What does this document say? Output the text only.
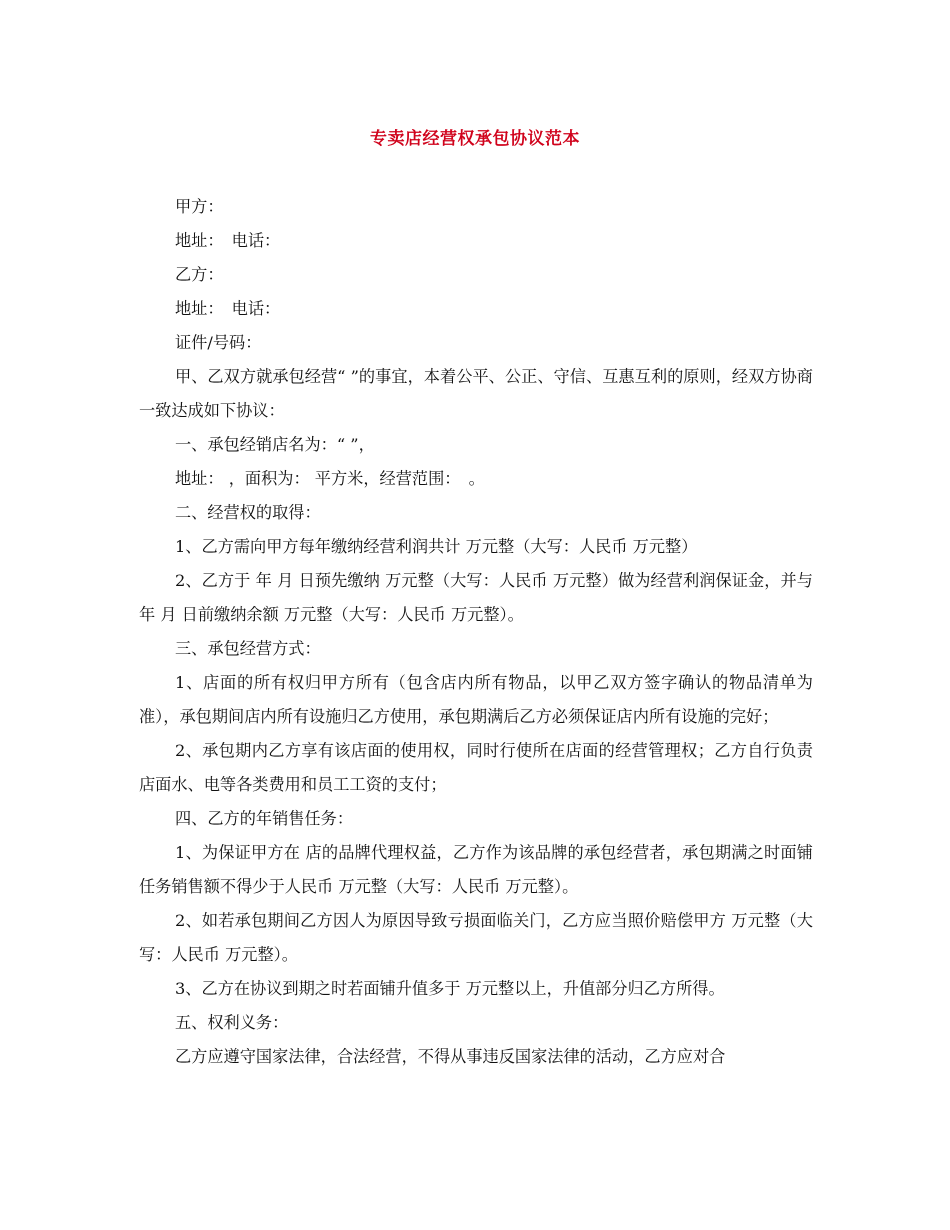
专卖店经营权承包协议范本

甲方：

地址：　电话：

乙方：

地址：　电话：

证件/号码：

甲、乙双方就承包经营“ ”的事宜，本着公平、公正、守信、互惠互利的原则，经双方协商一致达成如下协议：

一、承包经销店名为：“ ”，

地址： ，面积为： 平方米，经营范围：　。

二、经营权的取得：

1、乙方需向甲方每年缴纳经营利润共计 万元整（大写：人民币 万元整）

2、乙方于 年 月 日预先缴纳 万元整（大写：人民币 万元整）做为经营利润保证金，并与 年 月 日前缴纳余额 万元整（大写：人民币 万元整）。

三、承包经营方式：

1、店面的所有权归甲方所有（包含店内所有物品，以甲乙双方签字确认的物品清单为准），承包期间店内所有设施归乙方使用，承包期满后乙方必须保证店内所有设施的完好；

2、承包期内乙方享有该店面的使用权，同时行使所在店面的经营管理权；乙方自行负责店面水、电等各类费用和员工工资的支付；

四、乙方的年销售任务：

1、为保证甲方在 店的品牌代理权益，乙方作为该品牌的承包经营者，承包期满之时面铺任务销售额不得少于人民币 万元整（大写：人民币 万元整）。

2、如若承包期间乙方因人为原因导致亏损面临关门，乙方应当照价赔偿甲方 万元整（大写：人民币 万元整）。

3、乙方在协议到期之时若面铺升值多于 万元整以上，升值部分归乙方所得。

五、权利义务：

乙方应遵守国家法律，合法经营，不得从事违反国家法律的活动，乙方应对合
